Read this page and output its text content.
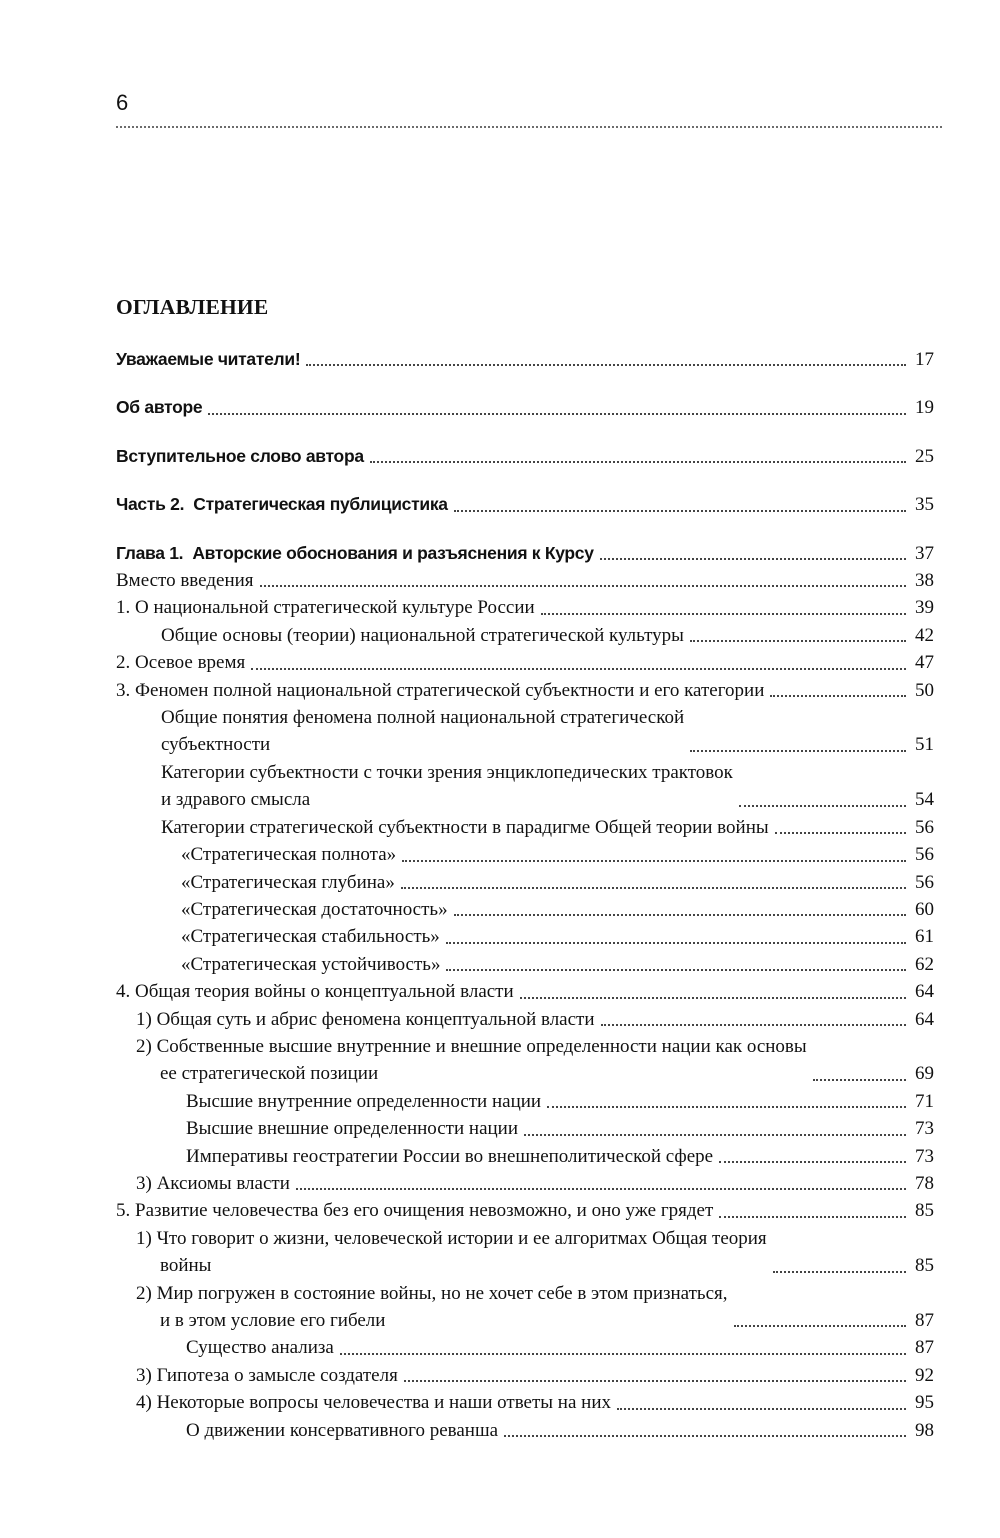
6
ОГЛАВЛЕНИЕ
Уважаемые читатели!	17
Об авторе	19
Вступительное слово автора	25
Часть 2.  Стратегическая публицистика	35
Глава 1.  Авторские обоснования и разъяснения к Курсу	37
Вместо введения	38
1. О национальной стратегической культуре России	39
Общие основы (теории) национальной стратегической культуры	42
2. Осевое время	47
3. Феномен полной национальной стратегической субъектности и его категории	50
Общие понятия феномена полной национальной стратегической
субъектности	51
Категории субъектности с точки зрения энциклопедических трактовок
и здравого смысла	54
Категории стратегической субъектности в парадигме Общей теории войны	56
«Стратегическая полнота»	56
«Стратегическая глубина»	56
«Стратегическая достаточность»	60
«Стратегическая стабильность»	61
«Стратегическая устойчивость»	62
4. Общая теория войны о концептуальной власти	64
1) Общая суть и абрис феномена концептуальной власти	64
2) Собственные высшие внутренние и внешние определенности нации как основы
ее стратегической позиции	69
Высшие внутренние определенности нации	71
Высшие внешние определенности нации	73
Императивы геостратегии России во внешнеполитической сфере	73
3) Аксиомы власти	78
5. Развитие человечества без его очищения невозможно, и оно уже грядет	85
1) Что говорит о жизни, человеческой истории и ее алгоритмах Общая теория
войны	85
2) Мир погружен в состояние войны, но не хочет себе в этом признаться,
и в этом условие его гибели	87
Существо анализа	87
3) Гипотеза о замысле создателя	92
4) Некоторые вопросы человечества и наши ответы на них	95
О движении консервативного реванша	98
